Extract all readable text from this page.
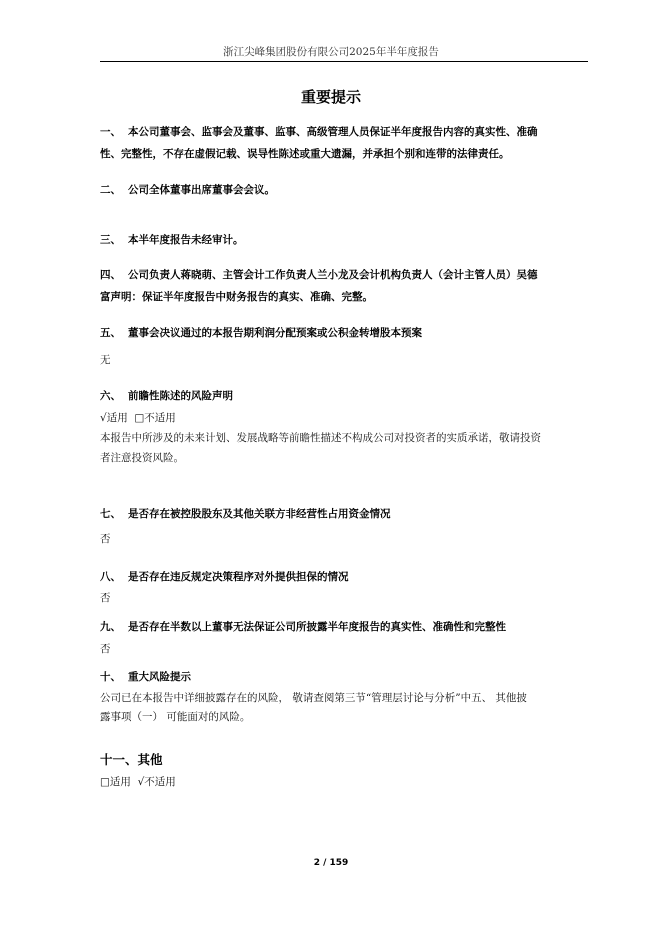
浙江尖峰集团股份有限公司2025年半年度报告
重要提示
一、 本公司董事会、监事会及董事、监事、高级管理人员保证半年度报告内容的真实性、准确
性、完整性，不存在虚假记载、误导性陈述或重大遗漏，并承担个别和连带的法律责任。
二、 公司全体董事出席董事会会议。
三、 本半年度报告未经审计。
四、 公司负责人蒋晓萌、主管会计工作负责人兰小龙及会计机构负责人（会计主管人员）吴德
富声明：保证半年度报告中财务报告的真实、准确、完整。
五、 董事会决议通过的本报告期利润分配预案或公积金转增股本预案
无
六、 前瞻性陈述的风险声明
√适用 □不适用
本报告中所涉及的未来计划、发展战略等前瞻性描述不构成公司对投资者的实质承诺，敬请投资
者注意投资风险。
七、 是否存在被控股股东及其他关联方非经营性占用资金情况
否
八、 是否存在违反规定决策程序对外提供担保的情况
否
九、 是否存在半数以上董事无法保证公司所披露半年度报告的真实性、准确性和完整性
否
十、 重大风险提示
公司已在本报告中详细披露存在的风险， 敬请查阅第三节“管理层讨论与分析”中五、 其他披
露事项（一） 可能面对的风险。
十一、其他
□适用 √不适用
2 / 159
